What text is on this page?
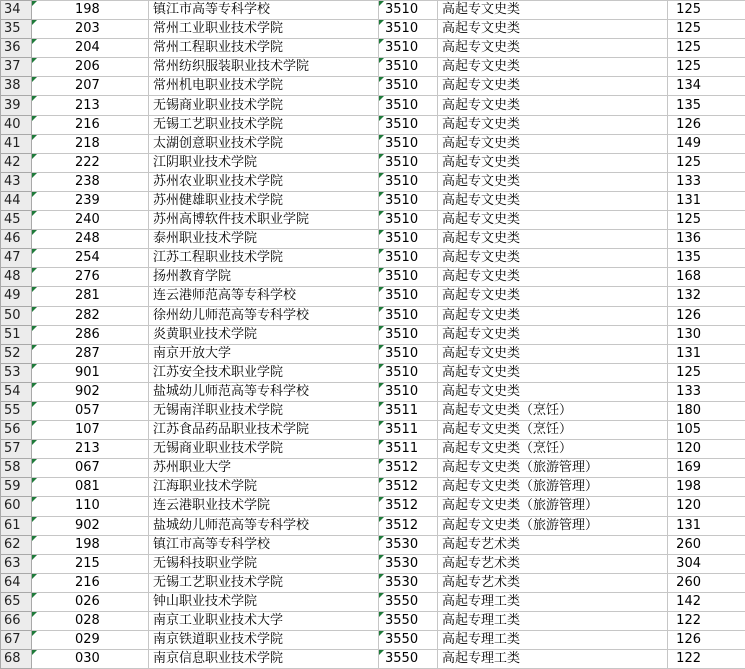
34	198	镇江市高等专科学校	3510	高起专文史类	125
35	203	常州工业职业技术学院	3510	高起专文史类	125
36	204	常州工程职业技术学院	3510	高起专文史类	125
37	206	常州纺织服装职业技术学院	3510	高起专文史类	125
38	207	常州机电职业技术学院	3510	高起专文史类	134
39	213	无锡商业职业技术学院	3510	高起专文史类	135
40	216	无锡工艺职业技术学院	3510	高起专文史类	126
41	218	太湖创意职业技术学院	3510	高起专文史类	149
42	222	江阴职业技术学院	3510	高起专文史类	125
43	238	苏州农业职业技术学院	3510	高起专文史类	133
44	239	苏州健雄职业技术学院	3510	高起专文史类	131
45	240	苏州高博软件技术职业学院	3510	高起专文史类	125
46	248	泰州职业技术学院	3510	高起专文史类	136
47	254	江苏工程职业技术学院	3510	高起专文史类	135
48	276	扬州教育学院	3510	高起专文史类	168
49	281	连云港师范高等专科学校	3510	高起专文史类	132
50	282	徐州幼儿师范高等专科学校	3510	高起专文史类	126
51	286	炎黄职业技术学院	3510	高起专文史类	130
52	287	南京开放大学	3510	高起专文史类	131
53	901	江苏安全技术职业学院	3510	高起专文史类	125
54	902	盐城幼儿师范高等专科学校	3510	高起专文史类	133
55	057	无锡南洋职业技术学院	3511	高起专文史类（烹饪）	180
56	107	江苏食品药品职业技术学院	3511	高起专文史类（烹饪）	105
57	213	无锡商业职业技术学院	3511	高起专文史类（烹饪）	120
58	067	苏州职业大学	3512	高起专文史类（旅游管理）	169
59	081	江海职业技术学院	3512	高起专文史类（旅游管理）	198
60	110	连云港职业技术学院	3512	高起专文史类（旅游管理）	120
61	902	盐城幼儿师范高等专科学校	3512	高起专文史类（旅游管理）	131
62	198	镇江市高等专科学校	3530	高起专艺术类	260
63	215	无锡科技职业学院	3530	高起专艺术类	304
64	216	无锡工艺职业技术学院	3530	高起专艺术类	260
65	026	钟山职业技术学院	3550	高起专理工类	142
66	028	南京工业职业技术大学	3550	高起专理工类	122
67	029	南京铁道职业技术学院	3550	高起专理工类	126
68	030	南京信息职业技术学院	3550	高起专理工类	122
